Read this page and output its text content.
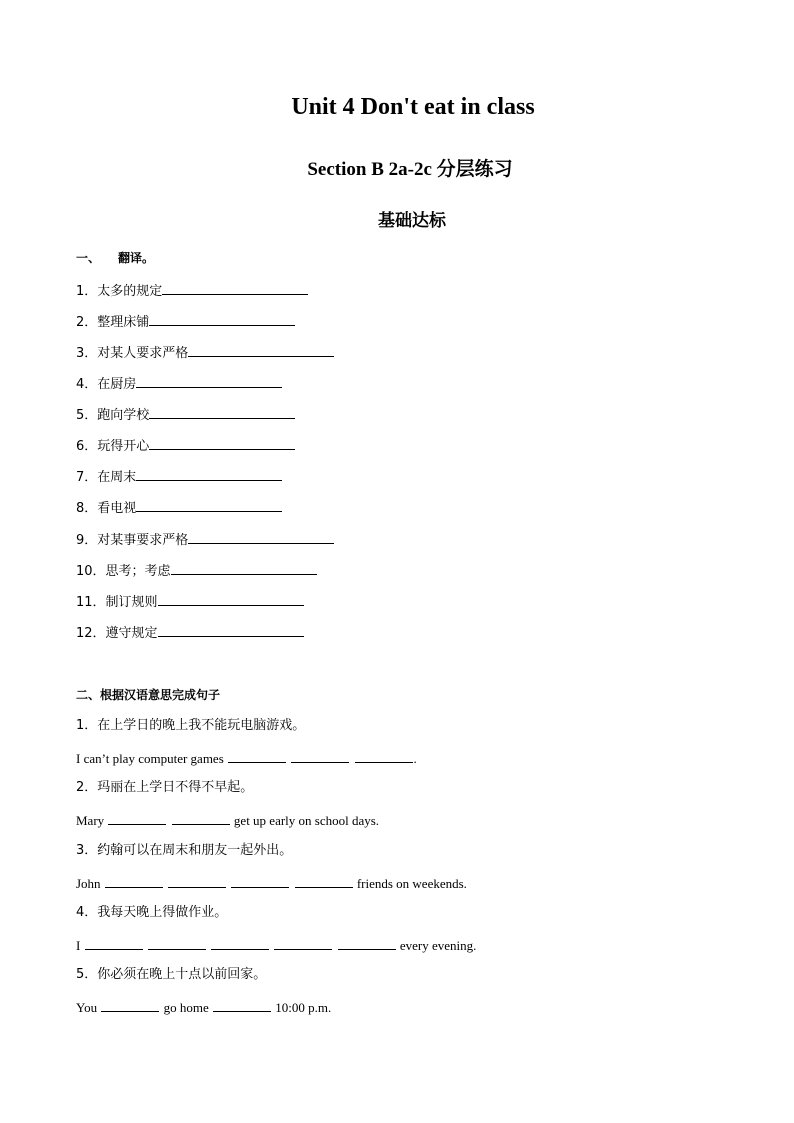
Unit 4 Don't eat in class
Section B 2a-2c 分层练习
基础达标
一、 翻译。
1．太多的规定
2．整理床铺
3．对某人要求严格
4．在厨房
5．跑向学校
6．玩得开心
7．在周末
8．看电视
9．对某事要求严格
10．思考；考虑
11．制订规则
12．遵守规定
二、根据汉语意思完成句子
1．在上学日的晚上我不能玩电脑游戏。
I can’t play computer games	.
2．玛丽在上学日不得不早起。
Mary	get up early on school days.
3．约翰可以在周末和朋友一起外出。
John	friends on weekends.
4．我每天晚上得做作业。
I	every evening.
5．你必须在晚上十点以前回家。
You	go home	10:00 p.m.
